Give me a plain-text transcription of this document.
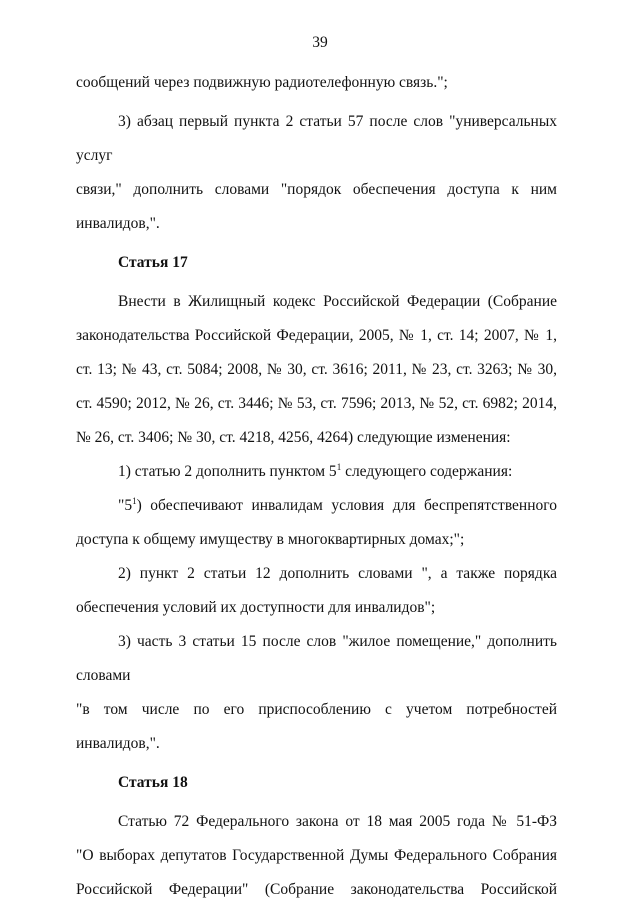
39

сообщений через подвижную радиотелефонную связь.";

3) абзац первый пункта 2 статьи 57 после слов "универсальных услуг

связи," дополнить словами "порядок обеспечения доступа к ним
инвалидов,".

Статья 17

Внести в Жилищный кодекс Российской Федерации (Собрание

законодательства Российской Федерации, 2005, № 1, ст. 14; 2007, № 1,
ст. 13; № 43, ст. 5084; 2008, № 30, ст. 3616; 2011, № 23, ст. 3263; № 30,
ст. 4590; 2012, № 26, ст. 3446; № 53, ст. 7596; 2013, № 52, ст. 6982; 2014,
№ 26, ст. 3406; № 30, ст. 4218, 4256, 4264) следующие изменения:

1) статью 2 дополнить пунктом $5^1$ следующего содержания:

"$5^1$) обеспечивают инвалидам условия для беспрепятственного

доступа к общему имуществу в многоквартирных домах;";

2) пункт 2 статьи 12 дополнить словами ", а также порядка

обеспечения условий их доступности для инвалидов";

3) часть 3 статьи 15 после слов "жилое помещение," дополнить словами

"в том числе по его приспособлению с учетом потребностей инвалидов,".

Статья 18

Статью 72 Федерального закона от 18 мая 2005 года № 51-ФЗ

"О выборах депутатов Государственной Думы Федерального Собрания
Российской Федерации" (Собрание законодательства Российской
